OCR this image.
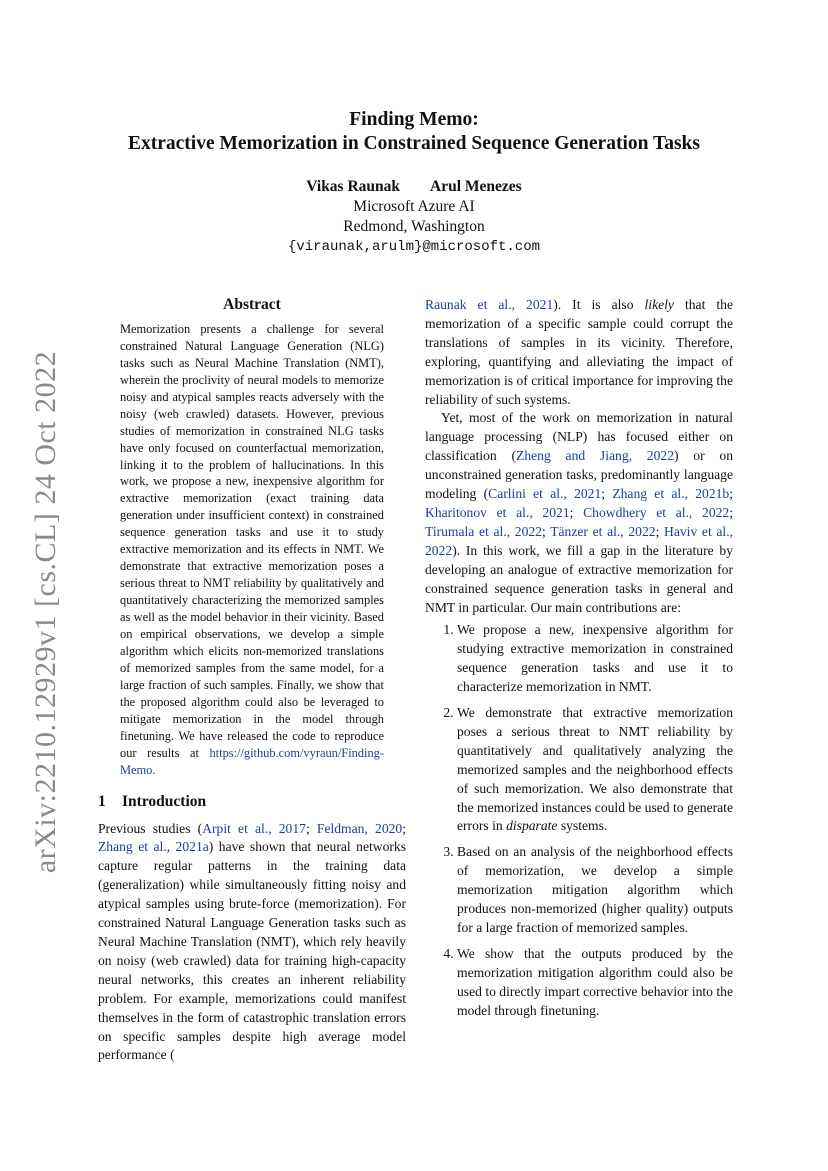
arXiv:2210.12929v1 [cs.CL] 24 Oct 2022
Finding Memo:
Extractive Memorization in Constrained Sequence Generation Tasks
Vikas Raunak Arul Menezes
Microsoft Azure AI
Redmond, Washington
{viraunak,arulm}@microsoft.com
Abstract
Memorization presents a challenge for several constrained Natural Language Generation (NLG) tasks such as Neural Machine Translation (NMT), wherein the proclivity of neural models to memorize noisy and atypical samples reacts adversely with the noisy (web crawled) datasets. However, previous studies of memorization in constrained NLG tasks have only focused on counterfactual memorization, linking it to the problem of hallucinations. In this work, we propose a new, inexpensive algorithm for extractive memorization (exact training data generation under insufficient context) in constrained sequence generation tasks and use it to study extractive memorization and its effects in NMT. We demonstrate that extractive memorization poses a serious threat to NMT reliability by qualitatively and quantitatively characterizing the memorized samples as well as the model behavior in their vicinity. Based on empirical observations, we develop a simple algorithm which elicits non-memorized translations of memorized samples from the same model, for a large fraction of such samples. Finally, we show that the proposed algorithm could also be leveraged to mitigate memorization in the model through finetuning. We have released the code to reproduce our results at https://github.com/vyraun/Finding-Memo.
1 Introduction

Previous studies (Arpit et al., 2017; Feldman, 2020; Zhang et al., 2021a) have shown that neural networks capture regular patterns in the training data (generalization) while simultaneously fitting noisy and atypical samples using brute-force (memorization). For constrained Natural Language Generation tasks such as Neural Machine Translation (NMT), which rely heavily on noisy (web crawled) data for training high-capacity neural networks, this creates an inherent reliability problem. For example, memorizations could manifest themselves in the form of catastrophic translation errors on specific samples despite high average model performance (

Raunak et al., 2021). It is also likely that the memorization of a specific sample could corrupt the translations of samples in its vicinity. Therefore, exploring, quantifying and alleviating the impact of memorization is of critical importance for improving the reliability of such systems.

Yet, most of the work on memorization in natural language processing (NLP) has focused either on classification (Zheng and Jiang, 2022) or on unconstrained generation tasks, predominantly language modeling (Carlini et al., 2021; Zhang et al., 2021b; Kharitonov et al., 2021; Chowdhery et al., 2022; Tirumala et al., 2022; Tänzer et al., 2022; Haviv et al., 2022). In this work, we fill a gap in the literature by developing an analogue of extractive memorization for constrained sequence generation tasks in general and NMT in particular. Our main contributions are:

1. We propose a new, inexpensive algorithm for studying extractive memorization in constrained sequence generation tasks and use it to characterize memorization in NMT.
2. We demonstrate that extractive memorization poses a serious threat to NMT reliability by quantitatively and qualitatively analyzing the memorized samples and the neighborhood effects of such memorization. We also demonstrate that the memorized instances could be used to generate errors in disparate systems.
3. Based on an analysis of the neighborhood effects of memorization, we develop a simple memorization mitigation algorithm which produces non-memorized (higher quality) outputs for a large fraction of memorized samples.
4. We show that the outputs produced by the memorization mitigation algorithm could also be used to directly impart corrective behavior into the model through finetuning.
